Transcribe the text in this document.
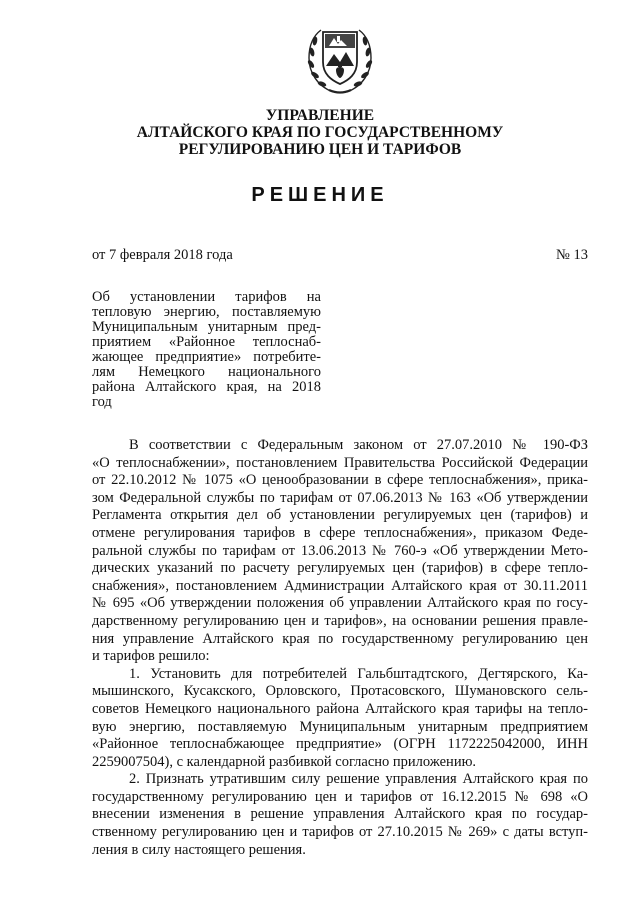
УПРАВЛЕНИЕ
АЛТАЙСКОГО КРАЯ ПО ГОСУДАРСТВЕННОМУ
РЕГУЛИРОВАНИЮ ЦЕН И ТАРИФОВ
РЕШЕНИЕ
от 7 февраля 2018 года	№ 13
Об установлении тарифов на
тепловую энергию, поставляемую
Муниципальным унитарным пред-
приятием «Районное теплоснаб-
жающее предприятие» потребите-
лям Немецкого национального
района Алтайского края, на 2018
год
В соответствии с Федеральным законом от 27.07.2010 № 190-ФЗ
«О теплоснабжении», постановлением Правительства Российской Федерации
от 22.10.2012 № 1075 «О ценообразовании в сфере теплоснабжения», прика-
зом Федеральной службы по тарифам от 07.06.2013 № 163 «Об утверждении
Регламента открытия дел об установлении регулируемых цен (тарифов) и
отмене регулирования тарифов в сфере теплоснабжения», приказом Феде-
ральной службы по тарифам от 13.06.2013 № 760-э «Об утверждении Мето-
дических указаний по расчету регулируемых цен (тарифов) в сфере тепло-
снабжения», постановлением Администрации Алтайского края от 30.11.2011
№ 695 «Об утверждении положения об управлении Алтайского края по госу-
дарственному регулированию цен и тарифов», на основании решения правле-
ния управление Алтайского края по государственному регулированию цен
и тарифов решило:
1. Установить для потребителей Гальбштадтского, Дегтярского, Ка-
мышинского, Кусакского, Орловского, Протасовского, Шумановского сель-
советов Немецкого национального района Алтайского края тарифы на тепло-
вую энергию, поставляемую Муниципальным унитарным предприятием
«Районное теплоснабжающее предприятие» (ОГРН 1172225042000, ИНН
2259007504), с календарной разбивкой согласно приложению.
2. Признать утратившим силу решение управления Алтайского края по
государственному регулированию цен и тарифов от 16.12.2015 № 698 «О
внесении изменения в решение управления Алтайского края по государ-
ственному регулированию цен и тарифов от 27.10.2015 № 269» с даты вступ-
ления в силу настоящего решения.
